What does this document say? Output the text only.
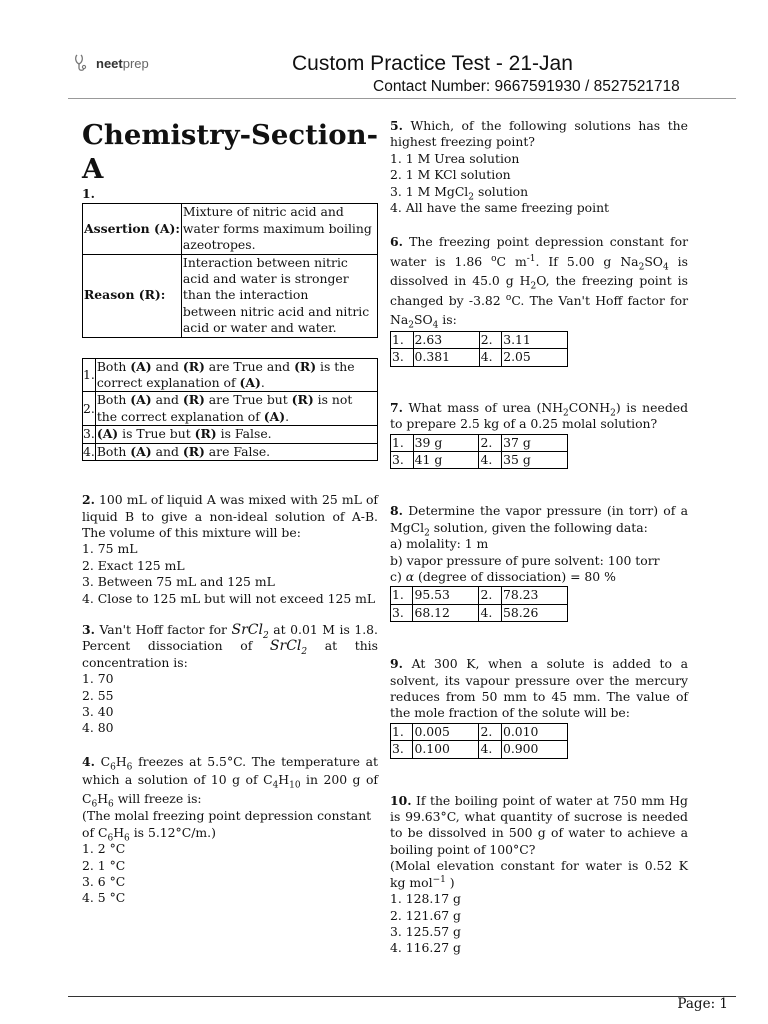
neetprep	Custom Practice Test - 21-Jan
Contact Number: 9667591930 / 8527521718
Chemistry-Section-A
1.
Assertion (A):	Mixture of nitric acid and water forms maximum boiling azeotropes.
Reason (R):	Interaction between nitric acid and water is stronger than the interaction
between nitric acid and nitric acid or water and water.
1.	Both (A) and (R) are True and (R) is the correct explanation of (A).
2.	Both (A) and (R) are True but (R) is not the correct explanation of (A).
3.	(A) is True but (R) is False.
4.	Both (A) and (R) are False.

2. 100 mL of liquid A was mixed with 25 mL of liquid B to give a non-ideal solution of A-B. The volume of this mixture will be:

1. 75 mL

2. Exact 125 mL

3. Between 75 mL and 125 mL

4. Close to 125 mL but will not exceed 125 mL

3. Van't Hoff factor for SrCl$_2$ at 0.01 M is 1.8. Percent dissociation of SrCl$_2$ at this concentration is:

1. 70

2. 55

3. 40

4. 80

4. $C_6H_6$ freezes at 5.5°C. The temperature at which a solution of 10 g of $C_4H_{10}$ in 200 g of $C_6H_6$ will freeze is:

(The molal freezing point depression constant of $C_6H_6$ is 5.12°C/m.)

1. 2 °C

2. 1 °C

3. 6 °C

4. 5 °C

5. Which, of the following solutions has the highest freezing point?

1. 1 M Urea solution

2. 1 M KCl solution

3. 1 M MgCl$_2$ solution

4. All have the same freezing point

6. The freezing point depression constant for water is 1.86 $^o$C $m^{-1}$. If 5.00 g $Na_2SO_4$ is dissolved in 45.0 g $H_2O$, the freezing point is changed by -3.82 $^o$C. The Van't Hoff factor for $Na_2SO_4$ is:

1.	2.63	2.	3.11
3.	0.381	4.	2.05

7. What mass of urea $(NH_2CONH_2)$ is needed to prepare 2.5 kg of a 0.25 molal solution?

1.	39 g	2.	37 g
3.	41 g	4.	35 g

8. Determine the vapor pressure (in torr) of a MgCl$_2$ solution, given the following data:

a) molality: 1 m

b) vapor pressure of pure solvent: 100 torr

c) α (degree of dissociation) = 80 %

1.	95.53	2.	78.23
3.	68.12	4.	58.26

9. At 300 K, when a solute is added to a solvent, its vapour pressure over the mercury reduces from 50 mm to 45 mm. The value of the mole fraction of the solute will be:

1.	0.005	2.	0.010
3.	0.100	4.	0.900

10. If the boiling point of water at 750 mm Hg is 99.63°C, what quantity of sucrose is needed to be dissolved in 500 g of water to achieve a boiling point of 100°C?

(Molal elevation constant for water is 0.52 K kg mol$^{-1}$ )

1. 128.17 g

2. 121.67 g

3. 125.57 g

4. 116.27 g

Page: 1
